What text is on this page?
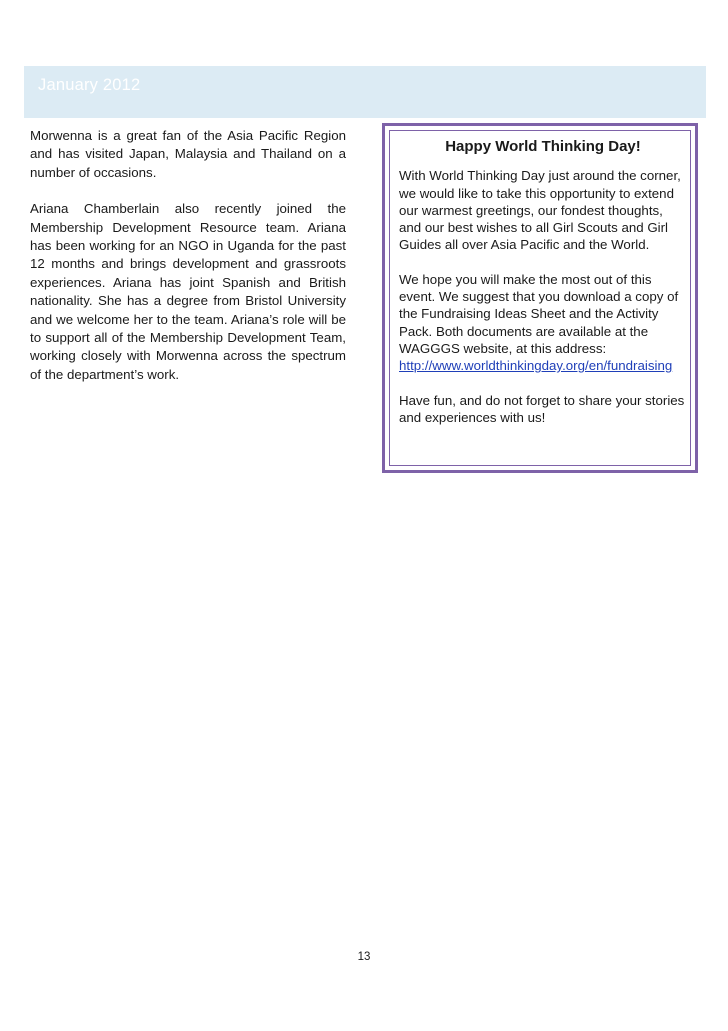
January 2012

Morwenna is a great fan of the Asia Pacific Region and has visited Japan, Malaysia and Thailand on a number of occasions.

Ariana Chamberlain also recently joined the Membership Development Resource team. Ariana has been working for an NGO in Uganda for the past 12 months and brings development and grassroots experiences. Ariana has joint Spanish and British nationality. She has a degree from Bristol University and we welcome her to the team. Ariana’s role will be to support all of the Membership Development Team, working closely with Morwenna across the spectrum of the department’s work.

Happy World Thinking Day!

With World Thinking Day just around the corner, we would like to take this opportunity to extend our warmest greetings, our fondest thoughts, and our best wishes to all Girl Scouts and Girl Guides all over Asia Pacific and the World.

We hope you will make the most out of this event. We suggest that you download a copy of the Fundraising Ideas Sheet and the Activity Pack. Both documents are available at the WAGGGS website, at this address:
http://www.worldthinkingday.org/en/fundraising

Have fun, and do not forget to share your stories and experiences with us!

13
